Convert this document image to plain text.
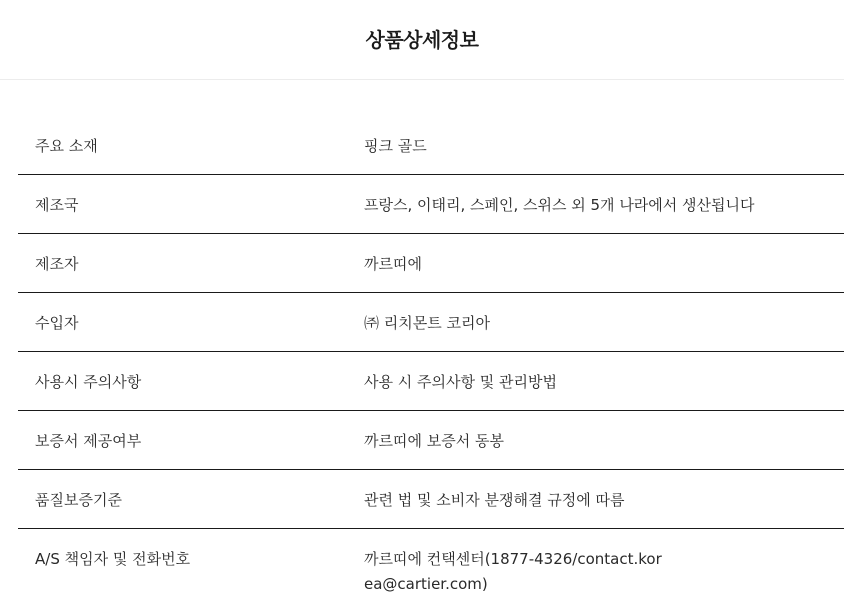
상품상세정보
주요 소재	핑크 골드
제조국	프랑스, 이태리, 스페인, 스위스 외 5개 나라에서 생산됩니다
제조자	까르띠에
수입자	㈜ 리치몬트 코리아
사용시 주의사항	사용 시 주의사항 및 관리방법
보증서 제공여부	까르띠에 보증서 동봉
품질보증기준	관련 법 및 소비자 분쟁해결 규정에 따름
A/S 책임자 및 전화번호	까르띠에 컨택센터(1877-4326/contact.korea@cartier.com)
